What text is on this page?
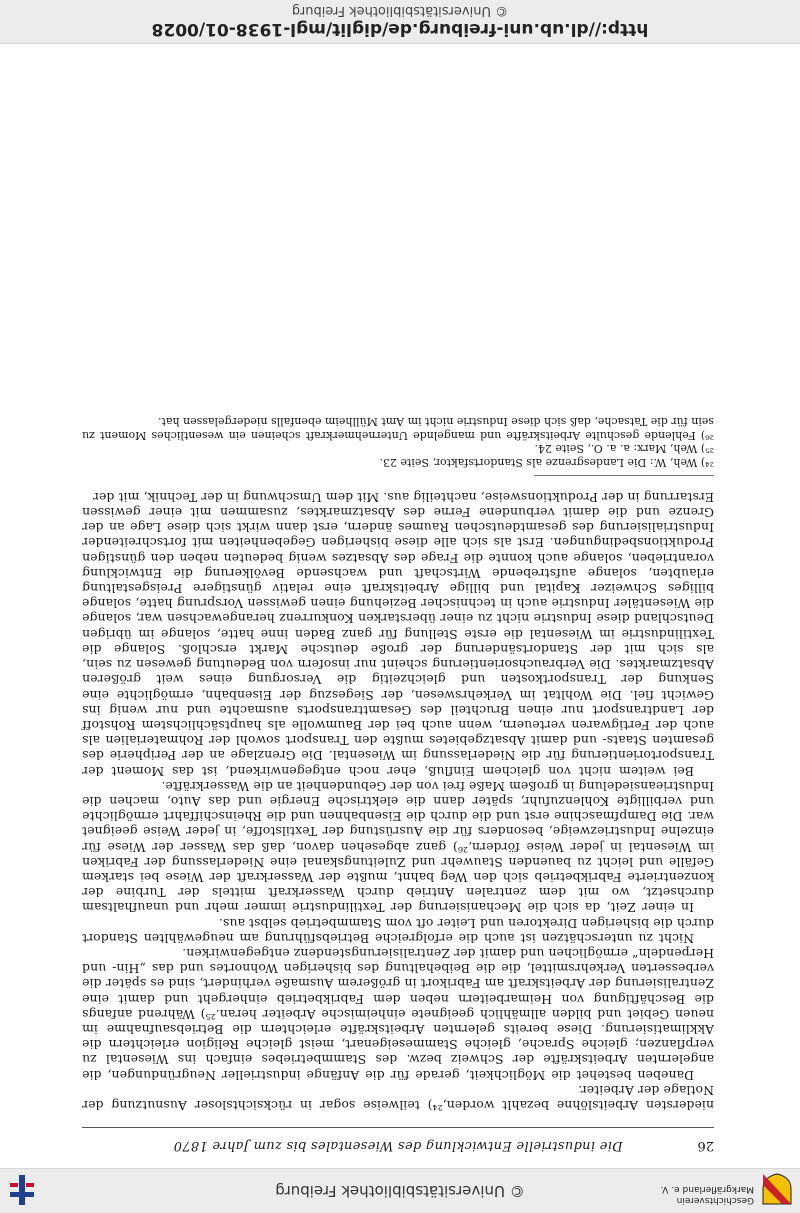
Geschichtsverein Markgräflerland e. V.
© Universitätsbibliothek Freiburg
26
Die industrielle Entwicklung des Wiesentales bis zum Jahre 1870

niedersten Arbeitslöhne bezahlt worden,²⁴) teilweise sogar in rücksichtsloser Ausnutzung der Notlage der Arbeiter.

Daneben bestehet die Möglichkeit, gerade für die Anfänge industrieller Neugründungen, die angelernten Arbeitskräfte der Schweiz bezw. des Stammbetriebes einfach ins Wiesental zu verpflanzen; gleiche Sprache, gleiche Stammeseigenart, meist gleiche Religion erleichtern die Akklimatisierung. Diese bereits gelernten Arbeitskräfte erleichtern die Betriebsaufnahme im neuen Gebiet und bilden allmählich geeignete einheimische Arbeiter heran.²⁵) Während anfangs die Beschäftigung von Heimarbeitern neben dem Fabrikbetrieb einhergeht und damit eine Zentralisierung der Arbeitskraft am Fabrikort in größerem Ausmaße verhindert, sind es später die verbesserten Verkehrsmittel, die die Beibehaltung des bisherigen Wohnortes und das „Hin- und Herpendeln“ ermöglichen und damit der Zentralisierungstendenz entgegenwirken.

Nicht zu unterschätzen ist auch die erfolgreiche Betriebsführung am neugewählten Standort durch die bisherigen Direktoren und Leiter oft vom Stammbetrieb selbst aus.

In einer Zeit, da sich die Mechanisierung der Textilindustrie immer mehr und unaufhaltsam durchsetzt, wo mit dem zentralen Antrieb durch Wasserkraft mittels der Turbine der konzentrierte Fabrikbetrieb sich den Weg bahnt, mußte der Wasserkraft der Wiese bei starkem Gefälle und leicht zu bauenden Stauwehr und Zuleitungskanal eine Niederlassung der Fabriken im Wiesental in jeder Weise fördern,²⁶) ganz abgesehen davon, daß das Wasser der Wiese für einzelne Industriezweige, besonders für die Ausrüstung der Textilstoffe, in jeder Weise geeignet war. Die Dampfmaschine erst und die durch die Eisenbahnen und die Rheinschiffahrt ermöglichte und verbilligte Kohlenzufuhr, später dann die elektrische Energie und das Auto, machen die Industrieansiedelung in großem Maße frei von der Gebundenheit an die Wasserkräfte.

Bei weitem nicht von gleichem Einfluß, eher noch entgegenwirkend, ist das Moment der Transportorientierung für die Niederlassung im Wiesental. Die Grenzlage an der Peripherie des gesamten Staats- und damit Absatzgebietes mußte den Transport sowohl der Rohmaterialien als auch der Fertigwaren verteuern, wenn auch bei der Baumwolle als hauptsächlichstem Rohstoff der Landtransport nur einen Bruchteil des Gesamttransports ausmachte und nur wenig ins Gewicht fiel. Die Wohltat im Verkehrswesen, der Siegeszug der Eisenbahn, ermöglichte eine Senkung der Transportkosten und gleichzeitig die Versorgung eines weit größeren Absatzmarktes. Die Verbrauchsorientierung scheint nur insofern von Bedeutung gewesen zu sein, als sich mit der Standortsänderung der große deutsche Markt erschloß. Solange die Textilindustrie im Wiesental die erste Stellung für ganz Baden inne hatte, solange im übrigen Deutschland diese Industrie nicht zu einer überstarken Konkurrenz herangewachsen war, solange die Wiesentäler Industrie auch in technischer Beziehung einen gewissen Vorsprung hatte, solange billiges Schweizer Kapital und billige Arbeitskraft eine relativ günstigere Preisgestaltung erlaubten, solange aufstrebende Wirtschaft und wachsende Bevölkerung die Entwicklung vorantrieben, solange auch konnte die Frage des Absatzes wenig bedeuten neben den günstigen Produktionsbedingungen. Erst als sich alle diese bisherigen Gegebenheiten mit fortschreitender Industrialisierung des gesamtdeutschen Raumes ändern, erst dann wirkt sich diese Lage an der Grenze und die damit verbundene Ferne des Absatzmarktes, zusammen mit einer gewissen Erstarrung in der Produktionsweise, nachteilig aus. Mit dem Umschwung in der Technik, mit der

²⁴) Weh, W.: Die Landesgrenze als Standortsfaktor, Seite 23.

²⁵) Weh, Marx: a. a. O., Seite 24.

²⁶) Fehlende geschulte Arbeitskräfte und mangelnde Unternehmerkraft scheinen ein wesentliches Moment zu sein für die Tatsache, daß sich diese Industrie nicht im Amt Müllheim ebenfalls niedergelassen hat.

http://dl.ub.uni-freiburg.de/diglit/mgl-1938-01/0028
© Universitätsbibliothek Freiburg
